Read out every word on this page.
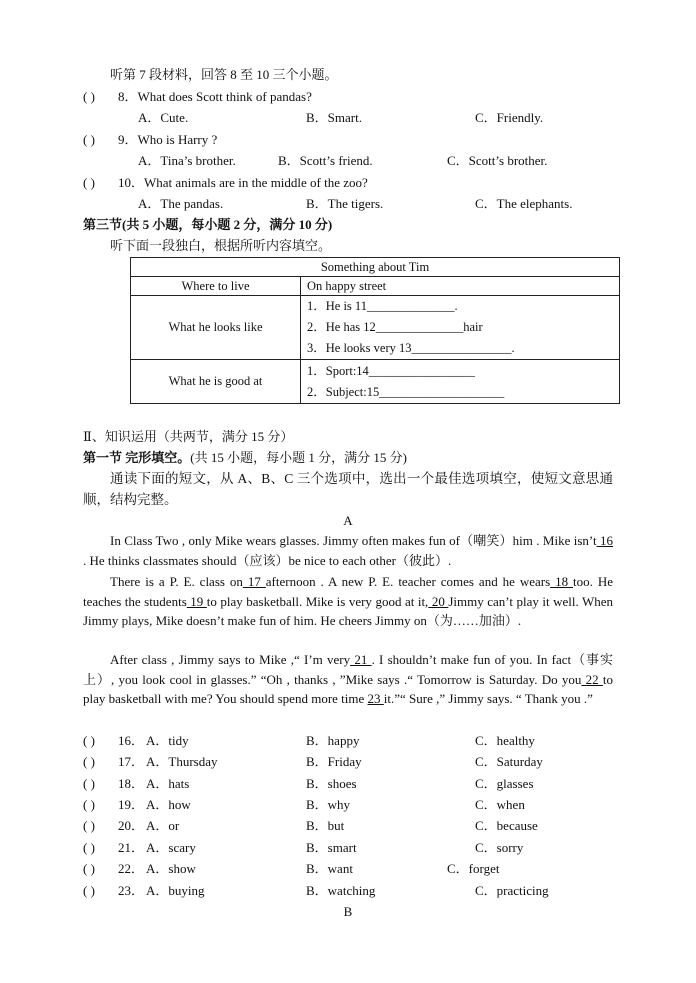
听第 7 段材料，回答 8 至 10 三个小题。
( ) 8．What does Scott think of pandas?
A．Cute.	B．Smart.	C．Friendly.
( ) 9．Who is Harry ?
A．Tina’s brother.	B．Scott’s friend.	C．Scott’s brother.
( ) 10．What animals are in the middle of the zoo?
A．The pandas.	B．The tigers.	C．The elephants.
第三节(共 5 小题，每小题 2 分，满分 10 分)
听下面一段独白，根据所听内容填空。
Something about Tim	
Where to live	On happy street
What he looks like	1．He is 11______________.
2．He has 12______________hair
3．He looks very 13________________.

What he is good at	1．Sport:14_________________
2．Subject:15____________________
Ⅱ、知识运用（共两节，满分 15 分）
第一节 完形填空。(共 15 小题，每小题 1 分，满分 15 分)
通读下面的短文，从 A、B、C 三个选项中，选出一个最佳选项填空，使短文意思通顺，结构完整。
A
In Class Two , only Mike wears glasses. Jimmy often makes fun of（嘲笑）him . Mike isn’t 16 . He thinks classmates should（应该）be nice to each other（彼此）.
There is a P. E. class on 17 afternoon . A new P. E. teacher comes and he wears 18 too. He teaches the students 19 to play basketball. Mike is very good at it, 20 Jimmy can’t play it well. When Jimmy plays, Mike doesn’t make fun of him. He cheers Jimmy on（为……加油）.
After class , Jimmy says to Mike ,“ I’m very 21 . I shouldn’t make fun of you. In fact（事实上）, you look cool in glasses.” “Oh , thanks , ”Mike says .“ Tomorrow is Saturday. Do you 22 to play basketball with me? You should spend more time 23 it.”“ Sure ,” Jimmy says. “ Thank you .”
( ) 16． A．tidy	B．happy	C．healthy
( ) 17． A．Thursday	B．Friday	C．Saturday
( ) 18． A．hats	B．shoes	C．glasses
( ) 19． A．how	B．why	C．when
( ) 20． A．or	B．but	C．because
( ) 21． A．scary	B．smart	C．sorry
( ) 22． A．show	B．want	C．forget
( ) 23． A．buying	B．watching	C．practicing
B
